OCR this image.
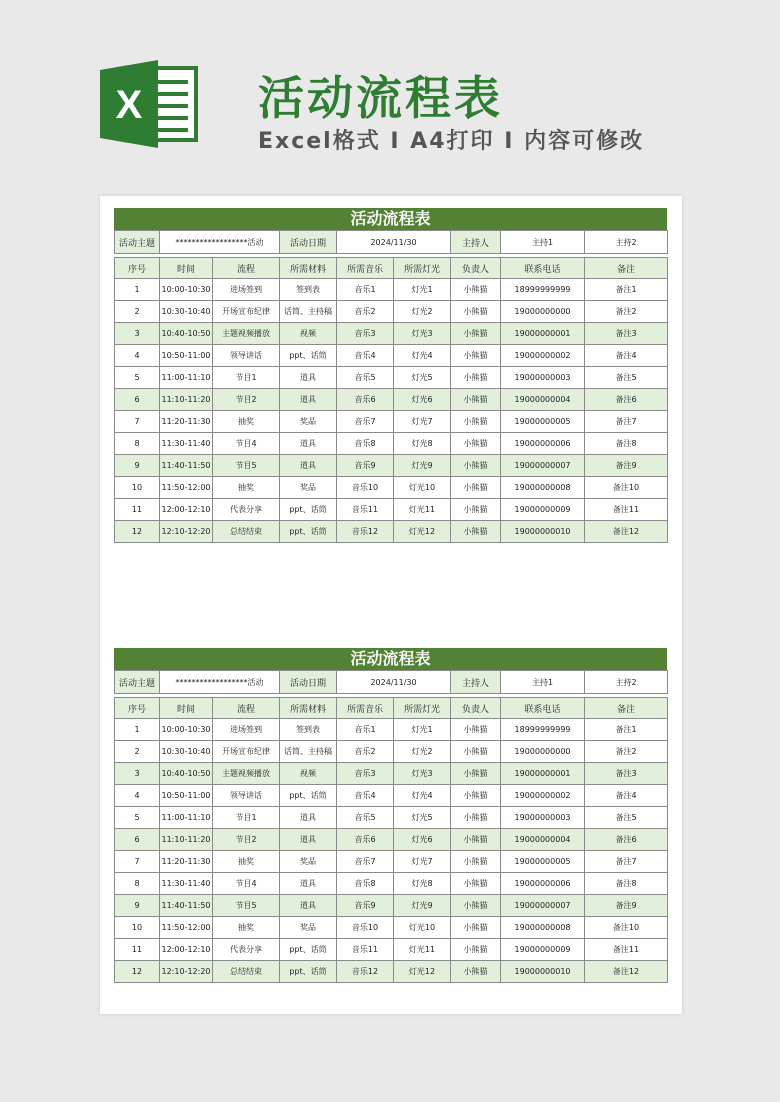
X	活动流程表
Excel格式 I A4打印 I 内容可修改
活动流程表
活动主题	******************活动		活动日期	2024/11/30		主持人	主持1	主持2

序号	时间	流程	所需材料	所需音乐	所需灯光	负责人	联系电话	备注
1	10:00-10:30	进场签到	签到表	音乐1	灯光1	小熊猫	18999999999	备注1
2	10:30-10:40	开场宣布纪律	话筒、主持稿	音乐2	灯光2	小熊猫	19000000000	备注2
3	10:40-10:50	主题视频播放	视频	音乐3	灯光3	小熊猫	19000000001	备注3
4	10:50-11:00	领导讲话	ppt、话筒	音乐4	灯光4	小熊猫	19000000002	备注4
5	11:00-11:10	节目1	道具	音乐5	灯光5	小熊猫	19000000003	备注5
6	11:10-11:20	节目2	道具	音乐6	灯光6	小熊猫	19000000004	备注6
7	11:20-11:30	抽奖	奖品	音乐7	灯光7	小熊猫	19000000005	备注7
8	11:30-11:40	节目4	道具	音乐8	灯光8	小熊猫	19000000006	备注8
9	11:40-11:50	节目5	道具	音乐9	灯光9	小熊猫	19000000007	备注9
10	11:50-12:00	抽奖	奖品	音乐10	灯光10	小熊猫	19000000008	备注10
11	12:00-12:10	代表分享	ppt、话筒	音乐11	灯光11	小熊猫	19000000009	备注11
12	12:10-12:20	总结结束	ppt、话筒	音乐12	灯光12	小熊猫	19000000010	备注12
活动流程表
活动主题	******************活动		活动日期	2024/11/30		主持人	主持1	主持2

序号	时间	流程	所需材料	所需音乐	所需灯光	负责人	联系电话	备注
1	10:00-10:30	进场签到	签到表	音乐1	灯光1	小熊猫	18999999999	备注1
2	10:30-10:40	开场宣布纪律	话筒、主持稿	音乐2	灯光2	小熊猫	19000000000	备注2
3	10:40-10:50	主题视频播放	视频	音乐3	灯光3	小熊猫	19000000001	备注3
4	10:50-11:00	领导讲话	ppt、话筒	音乐4	灯光4	小熊猫	19000000002	备注4
5	11:00-11:10	节目1	道具	音乐5	灯光5	小熊猫	19000000003	备注5
6	11:10-11:20	节目2	道具	音乐6	灯光6	小熊猫	19000000004	备注6
7	11:20-11:30	抽奖	奖品	音乐7	灯光7	小熊猫	19000000005	备注7
8	11:30-11:40	节目4	道具	音乐8	灯光8	小熊猫	19000000006	备注8
9	11:40-11:50	节目5	道具	音乐9	灯光9	小熊猫	19000000007	备注9
10	11:50-12:00	抽奖	奖品	音乐10	灯光10	小熊猫	19000000008	备注10
11	12:00-12:10	代表分享	ppt、话筒	音乐11	灯光11	小熊猫	19000000009	备注11
12	12:10-12:20	总结结束	ppt、话筒	音乐12	灯光12	小熊猫	19000000010	备注12
